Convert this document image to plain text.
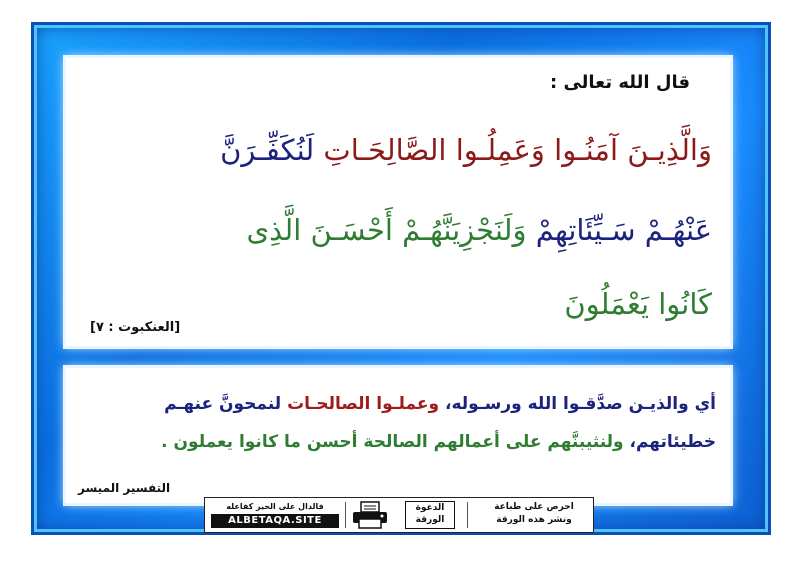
قال الله تعالى :
وَالَّذِيـنَ آمَنُـوا وَعَمِلُـوا الصَّالِحَـاتِ لَنُكَفِّـرَنَّ
عَنْهُـمْ سَـيِّئَاتِهِمْ وَلَنَجْزِيَنَّهُـمْ أَحْسَـنَ الَّذِى
كَانُوا يَعْمَلُونَ
[العنكبوت : ٧]
أي والذيـن صدَّقـوا الله ورسـوله، وعملـوا الصالحـات لنمحونَّ عنهـم
خطيئاتهم، ولنثيبنَّهم على أعمالهم الصالحة أحسن ما كانوا يعملون .
التفسير الميسر
احرص على طباعة
ونشر هذه الورقة
الدعوة
الورقة
فالدال على الخير كفاعله
ALBETAQA.SITE
